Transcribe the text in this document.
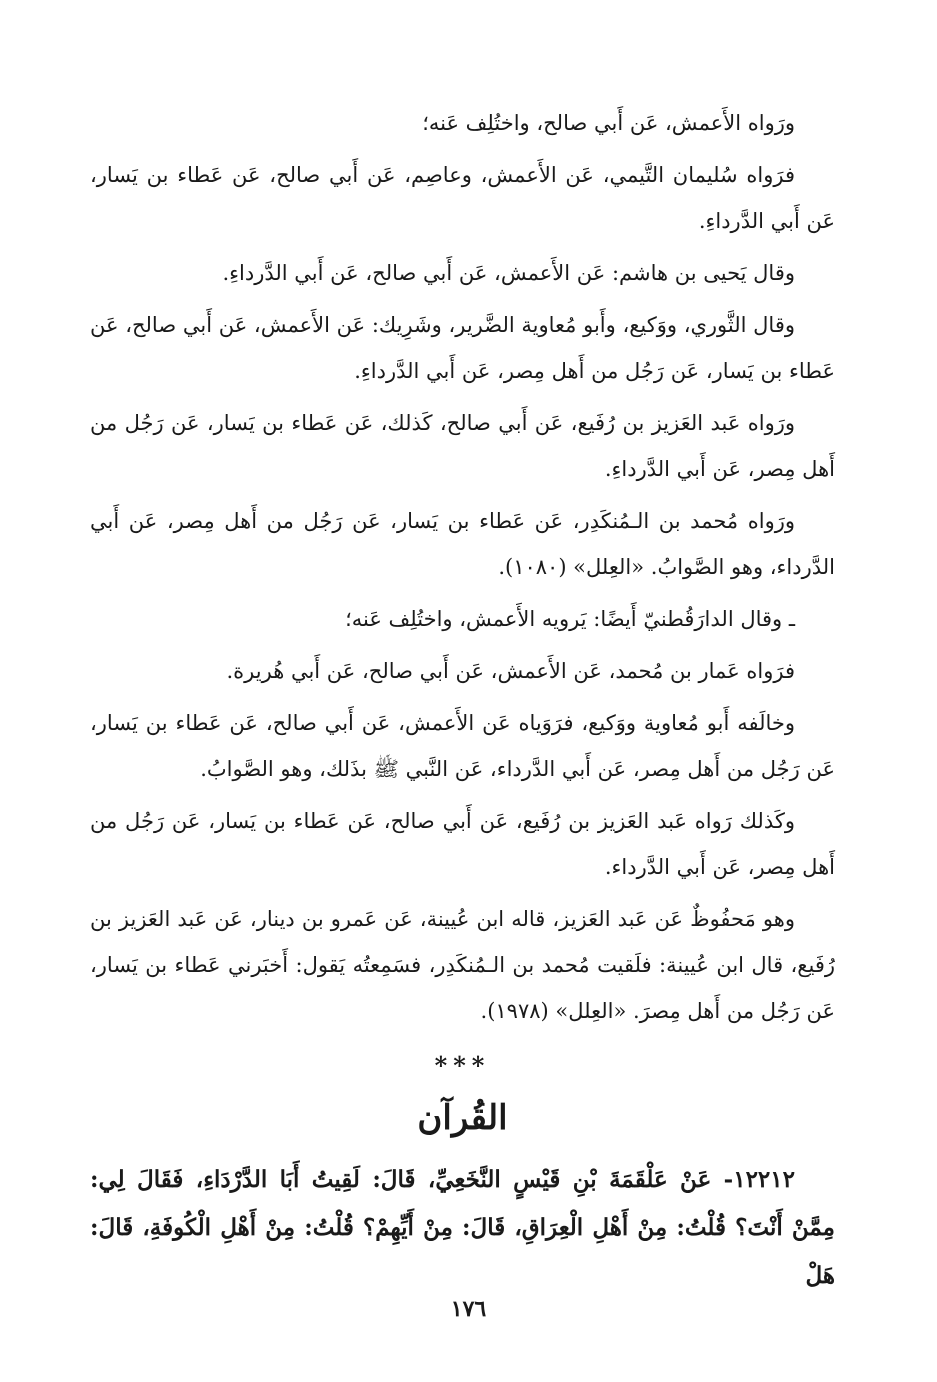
ورَواه الأَعمش، عَن أَبي صالح، واختُلِف عَنه؛

فرَواه سُليمان التَّيمي، عَن الأَعمش، وعاصِم، عَن أَبي صالح، عَن عَطاء بن يَسار، عَن أَبي الدَّرداءِ.

وقال يَحيى بن هاشم: عَن الأَعمش، عَن أَبي صالح، عَن أَبي الدَّرداءِ.

وقال الثَّوري، ووَكيع، وأَبو مُعاوية الضَّرير، وشَرِيك: عَن الأَعمش، عَن أَبي صالح، عَن عَطاء بن يَسار، عَن رَجُل من أَهل مِصر، عَن أَبي الدَّرداءِ.

ورَواه عَبد العَزيز بن رُفَيع، عَن أَبي صالح، كَذلك، عَن عَطاء بن يَسار، عَن رَجُل من أَهل مِصر، عَن أَبي الدَّرداءِ.

ورَواه مُحمد بن الـمُنكَدِر، عَن عَطاء بن يَسار، عَن رَجُل من أَهل مِصر، عَن أَبي الدَّرداء، وهو الصَّوابُ. «العِلل» (١٠٨٠).

ـ وقال الدارَقُطنيّ أَيضًا: يَرويه الأَعمش، واختُلِف عَنه؛

فرَواه عَمار بن مُحمد، عَن الأَعمش، عَن أَبي صالح، عَن أَبي هُريرة.

وخالَفه أَبو مُعاوية ووَكيع، فرَوَياه عَن الأَعمش، عَن أَبي صالح، عَن عَطاء بن يَسار، عَن رَجُل من أَهل مِصر، عَن أَبي الدَّرداء، عَن النَّبي ﷺ بذَلك، وهو الصَّوابُ.

وكَذلك رَواه عَبد العَزيز بن رُفَيع، عَن أَبي صالح، عَن عَطاء بن يَسار، عَن رَجُل من أَهل مِصر، عَن أَبي الدَّرداء.

وهو مَحفُوظٌ عَن عَبد العَزيز، قاله ابن عُيينة، عَن عَمرو بن دينار، عَن عَبد العَزيز بن رُفَيع، قال ابن عُيينة: فلَقيت مُحمد بن الـمُنكَدِر، فسَمِعتُه يَقول: أَخبَرني عَطاء بن يَسار، عَن رَجُل من أَهل مِصرَ. «العِلل» (١٩٧٨).

***
القُرآن

١٢٢١٢- عَنْ عَلْقَمَةَ بْنِ قَيْسٍ النَّخَعِيِّ، قَالَ: لَقِيتُ أَبَا الدَّرْدَاءِ، فَقَالَ لِي: مِمَّنْ أَنْتَ؟ قُلْتُ: مِنْ أَهْلِ الْعِرَاقِ، قَالَ: مِنْ أَيِّهِمْ؟ قُلْتُ: مِنْ أَهْلِ الْكُوفَةِ، قَالَ: هَلْ

١٧٦
